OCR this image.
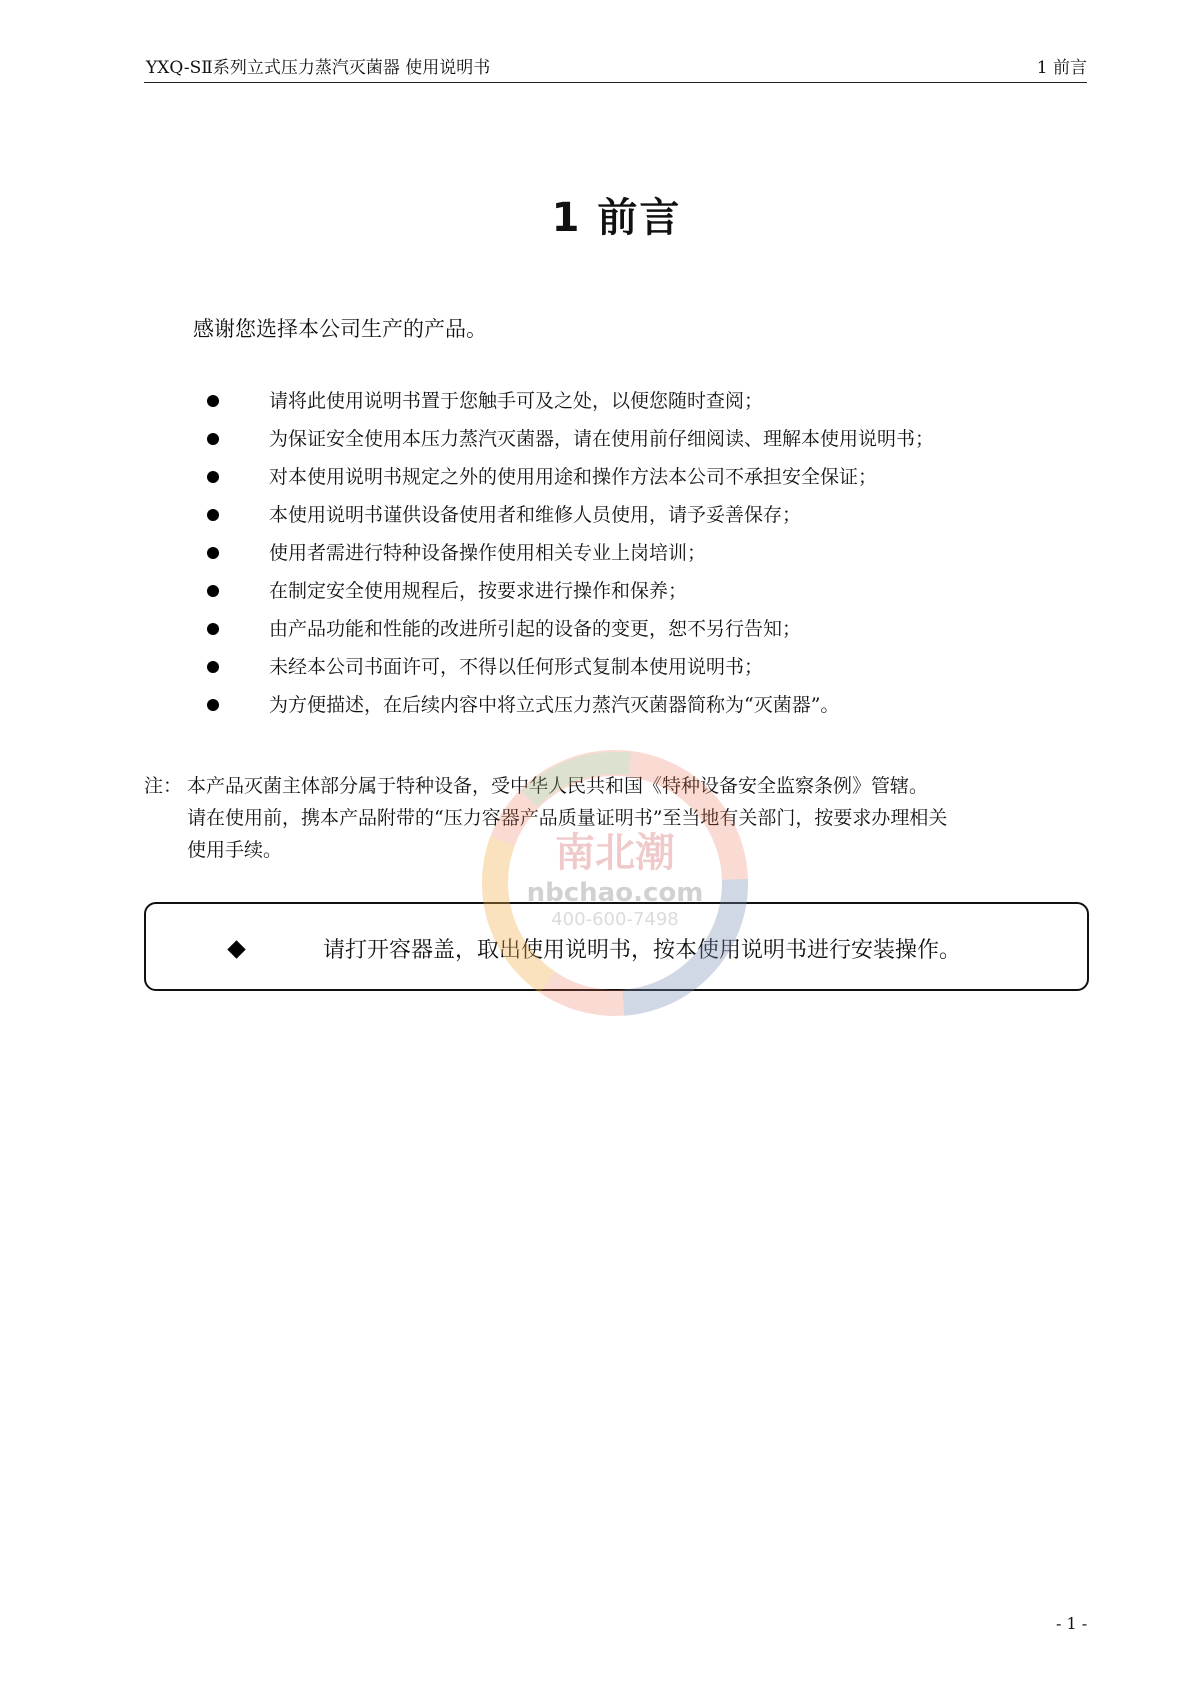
YXQ-SⅡ系列立式压力蒸汽灭菌器 使用说明书	1 前言
1 前言
感谢您选择本公司生产的产品。
请将此使用说明书置于您触手可及之处，以便您随时查阅；
为保证安全使用本压力蒸汽灭菌器，请在使用前仔细阅读、理解本使用说明书；
对本使用说明书规定之外的使用用途和操作方法本公司不承担安全保证；
本使用说明书谨供设备使用者和维修人员使用，请予妥善保存；
使用者需进行特种设备操作使用相关专业上岗培训；
在制定安全使用规程后，按要求进行操作和保养；
由产品功能和性能的改进所引起的设备的变更，恕不另行告知；
未经本公司书面许可，不得以任何形式复制本使用说明书；
为方便描述，在后续内容中将立式压力蒸汽灭菌器简称为“灭菌器”。
注： 本产品灭菌主体部分属于特种设备，受中华人民共和国《特种设备安全监察条例》管辖。
请在使用前，携本产品附带的“压力容器产品质量证明书”至当地有关部门，按要求办理相关
使用手续。
请打开容器盖，取出使用说明书，按本使用说明书进行安装操作。
南北潮
nbchao.com
400-600-7498
- 1 -
